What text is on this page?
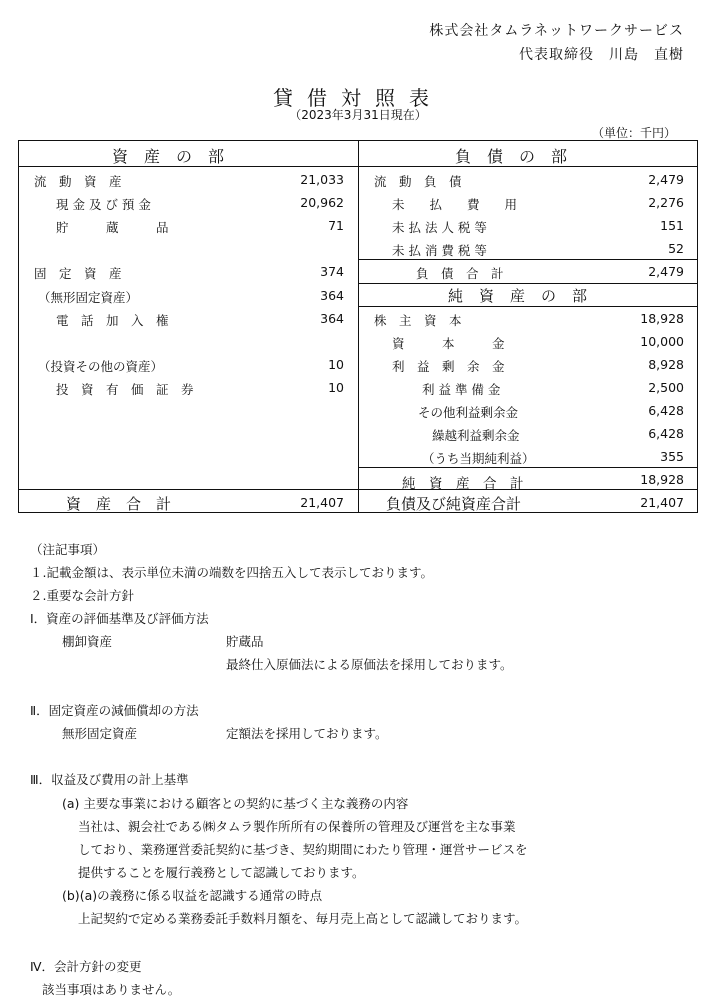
株式会社タムラネットワークサービス
代表取締役　川島　直樹
貸借対照表
（2023年3月31日現在）
（単位：千円）
資産の部	負債の部
純資産の部
流　動　資　産	21,033
現 金 及 び 預 金	20,962
貯　　　蔵　　　品	71
固　定　資　産	374
（無形固定資産）	364
電　話　加　入　権	364
（投資その他の資産）	10
投　資　有　価　証　券	10
流　動　負　債	2,479
未　　払　　費　　用	2,276
未 払 法 人 税 等	151
未 払 消 費 税 等	52
負　債　合　計	2,479
株　主　資　本	18,928
資　　　本　　　金	10,000
利　益　剰　余　金	8,928
利 益 準 備 金	2,500
その他利益剰余金	6,428
繰越利益剰余金	6,428
（うち当期純利益）	355
純　資　産　合　計	18,928
資　産　合　計	21,407	負債及び純資産合計	21,407
（注記事項）
１.記載金額は、表示単位未満の端数を四捨五入して表示しております。
２.重要な会計方針
Ⅰ．資産の評価基準及び評価方法
棚卸資産	貯蔵品
最終仕入原価法による原価法を採用しております。
Ⅱ．固定資産の減価償却の方法
無形固定資産	定額法を採用しております。
Ⅲ．収益及び費用の計上基準
(a) 主要な事業における顧客との契約に基づく主な義務の内容
当社は、親会社である㈱タムラ製作所所有の保養所の管理及び運営を主な事業
しており、業務運営委託契約に基づき、契約期間にわたり管理・運営サービスを
提供することを履行義務として認識しております。
(b)(a)の義務に係る収益を認識する通常の時点
上記契約で定める業務委託手数料月額を、毎月売上高として認識しております。
Ⅳ．会計方針の変更
該当事項はありません。
